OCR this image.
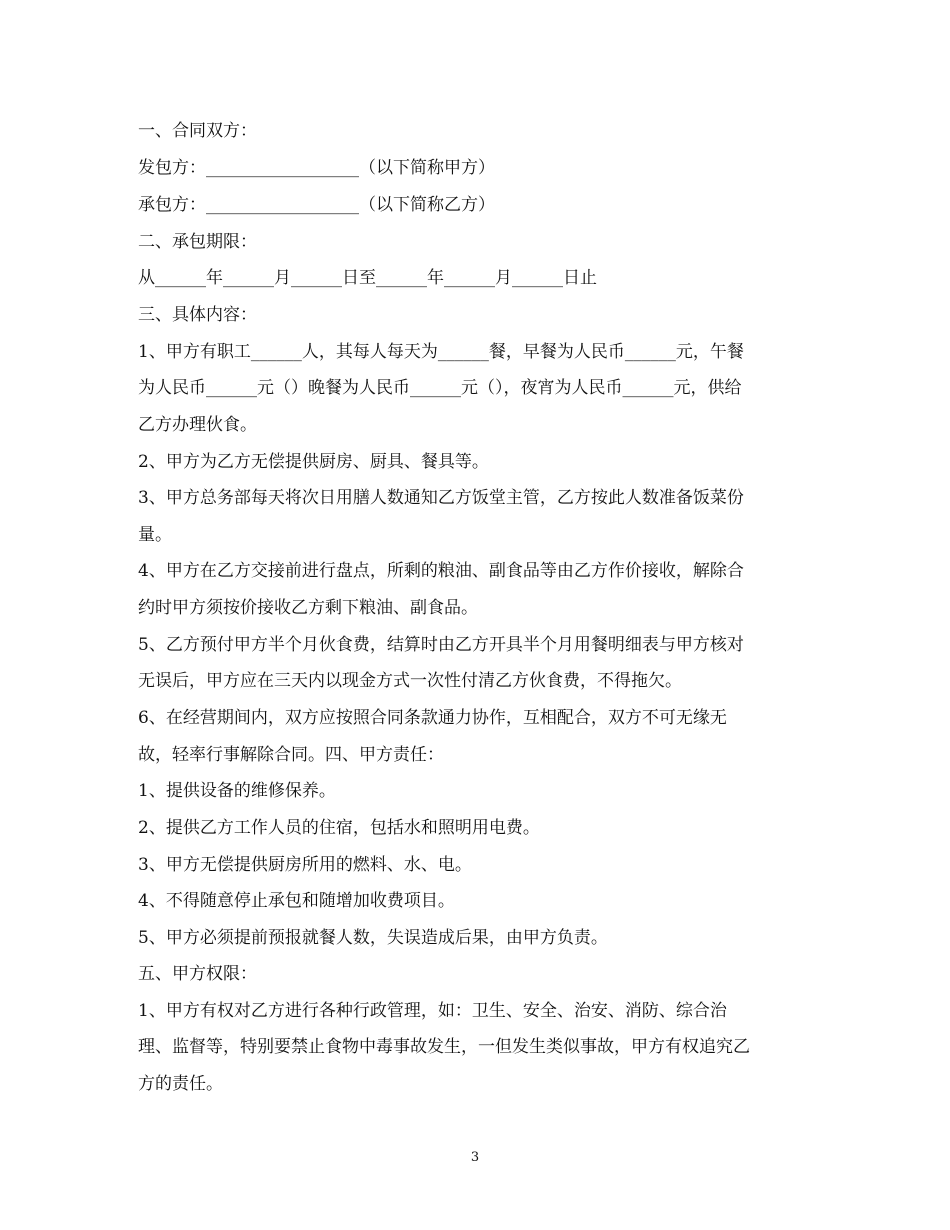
一、合同双方：
发包方：__________________（以下简称甲方）
承包方：__________________（以下简称乙方）
二、承包期限：
从______年______月______日至______年______月______日止
三、具体内容：
1、甲方有职工______人，其每人每天为______餐，早餐为人民币______元，午餐
为人民币______元（）晚餐为人民币______元（），夜宵为人民币______元，供给
乙方办理伙食。
2、甲方为乙方无偿提供厨房、厨具、餐具等。
3、甲方总务部每天将次日用膳人数通知乙方饭堂主管，乙方按此人数准备饭菜份
量。
4、甲方在乙方交接前进行盘点，所剩的粮油、副食品等由乙方作价接收，解除合
约时甲方须按价接收乙方剩下粮油、副食品。
5、乙方预付甲方半个月伙食费，结算时由乙方开具半个月用餐明细表与甲方核对
无误后，甲方应在三天内以现金方式一次性付清乙方伙食费，不得拖欠。
6、在经营期间内，双方应按照合同条款通力协作，互相配合，双方不可无缘无
故，轻率行事解除合同。四、甲方责任：
1、提供设备的维修保养。
2、提供乙方工作人员的住宿，包括水和照明用电费。
3、甲方无偿提供厨房所用的燃料、水、电。
4、不得随意停止承包和随增加收费项目。
5、甲方必须提前预报就餐人数，失误造成后果，由甲方负责。
五、甲方权限：
1、甲方有权对乙方进行各种行政管理，如：卫生、安全、治安、消防、综合治
理、监督等，特别要禁止食物中毒事故发生，一但发生类似事故，甲方有权追究乙
方的责任。
3
